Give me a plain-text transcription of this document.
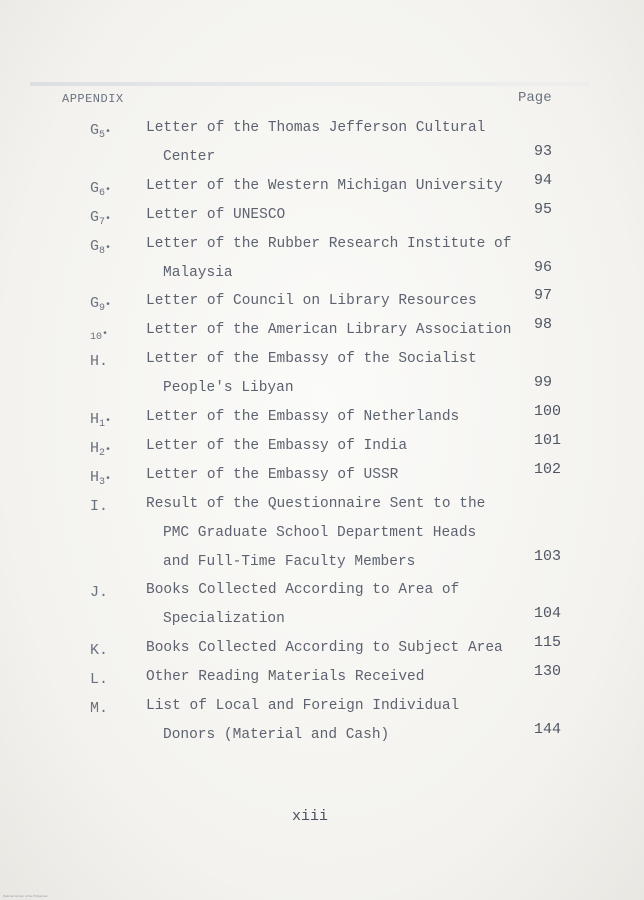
APPENDIX	Page
$G_5•$ Letter of the Thomas Jefferson Cultural
Center	93
$G_6•$ Letter of the Western Michigan University 94
$G_7•$ Letter of UNESCO	95
$G_8•$ Letter of the Rubber Research Institute of
Malaysia	96
$G_9•$ Letter of Council on Library Resources	97
$_{10}$•	Letter of the American Library Association 98
H.	Letter of the Embassy of the Socialist
People's Libyan	99
$H_1•$ Letter of the Embassy of Netherlands	100
$H_2•$ Letter of the Embassy of India	101
$H_3•$ Letter of the Embassy of USSR	102
I.	Result of the Questionnaire Sent to the
PMC Graduate School Department Heads
and Full-Time Faculty Members	103
J.	Books Collected According to Area of
Specialization	104
K.	Books Collected According to Subject Area 115
L.	Other Reading Materials Received	130
M.	List of Local and Foreign Individual
Donors (Material and Cash)	144
xiii
National Library of the Philippines
